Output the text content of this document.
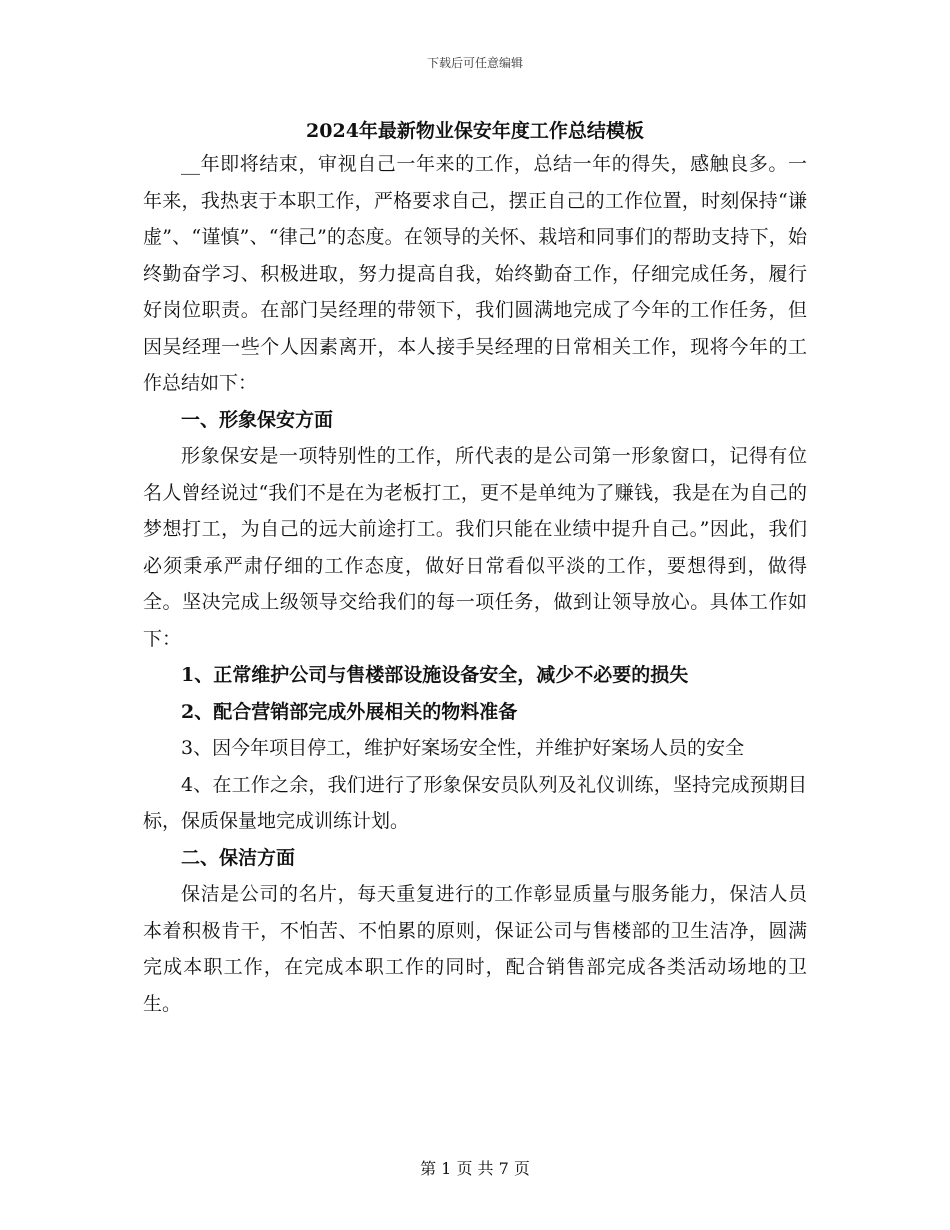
下载后可任意编辑
2024年最新物业保安年度工作总结模板

__年即将结束，审视自己一年来的工作，总结一年的得失，感触良多。一年来，我热衷于本职工作，严格要求自己，摆正自己的工作位置，时刻保持“谦虚”、“谨慎”、“律己”的态度。在领导的关怀、栽培和同事们的帮助支持下，始终勤奋学习、积极进取，努力提高自我，始终勤奋工作，仔细完成任务，履行好岗位职责。在部门吴经理的带领下，我们圆满地完成了今年的工作任务，但因吴经理一些个人因素离开，本人接手吴经理的日常相关工作，现将今年的工作总结如下：

一、形象保安方面

形象保安是一项特别性的工作，所代表的是公司第一形象窗口，记得有位名人曾经说过“我们不是在为老板打工，更不是单纯为了赚钱，我是在为自己的梦想打工，为自己的远大前途打工。我们只能在业绩中提升自己。”因此，我们必须秉承严肃仔细的工作态度，做好日常看似平淡的工作，要想得到，做得全。坚决完成上级领导交给我们的每一项任务，做到让领导放心。具体工作如下：

1、正常维护公司与售楼部设施设备安全，减少不必要的损失

2、配合营销部完成外展相关的物料准备

3、因今年项目停工，维护好案场安全性，并维护好案场人员的安全

4、在工作之余，我们进行了形象保安员队列及礼仪训练，坚持完成预期目标，保质保量地完成训练计划。

二、保洁方面

保洁是公司的名片，每天重复进行的工作彰显质量与服务能力，保洁人员本着积极肯干，不怕苦、不怕累的原则，保证公司与售楼部的卫生洁净，圆满完成本职工作，在完成本职工作的同时，配合销售部完成各类活动场地的卫生。

第 1 页 共 7 页
